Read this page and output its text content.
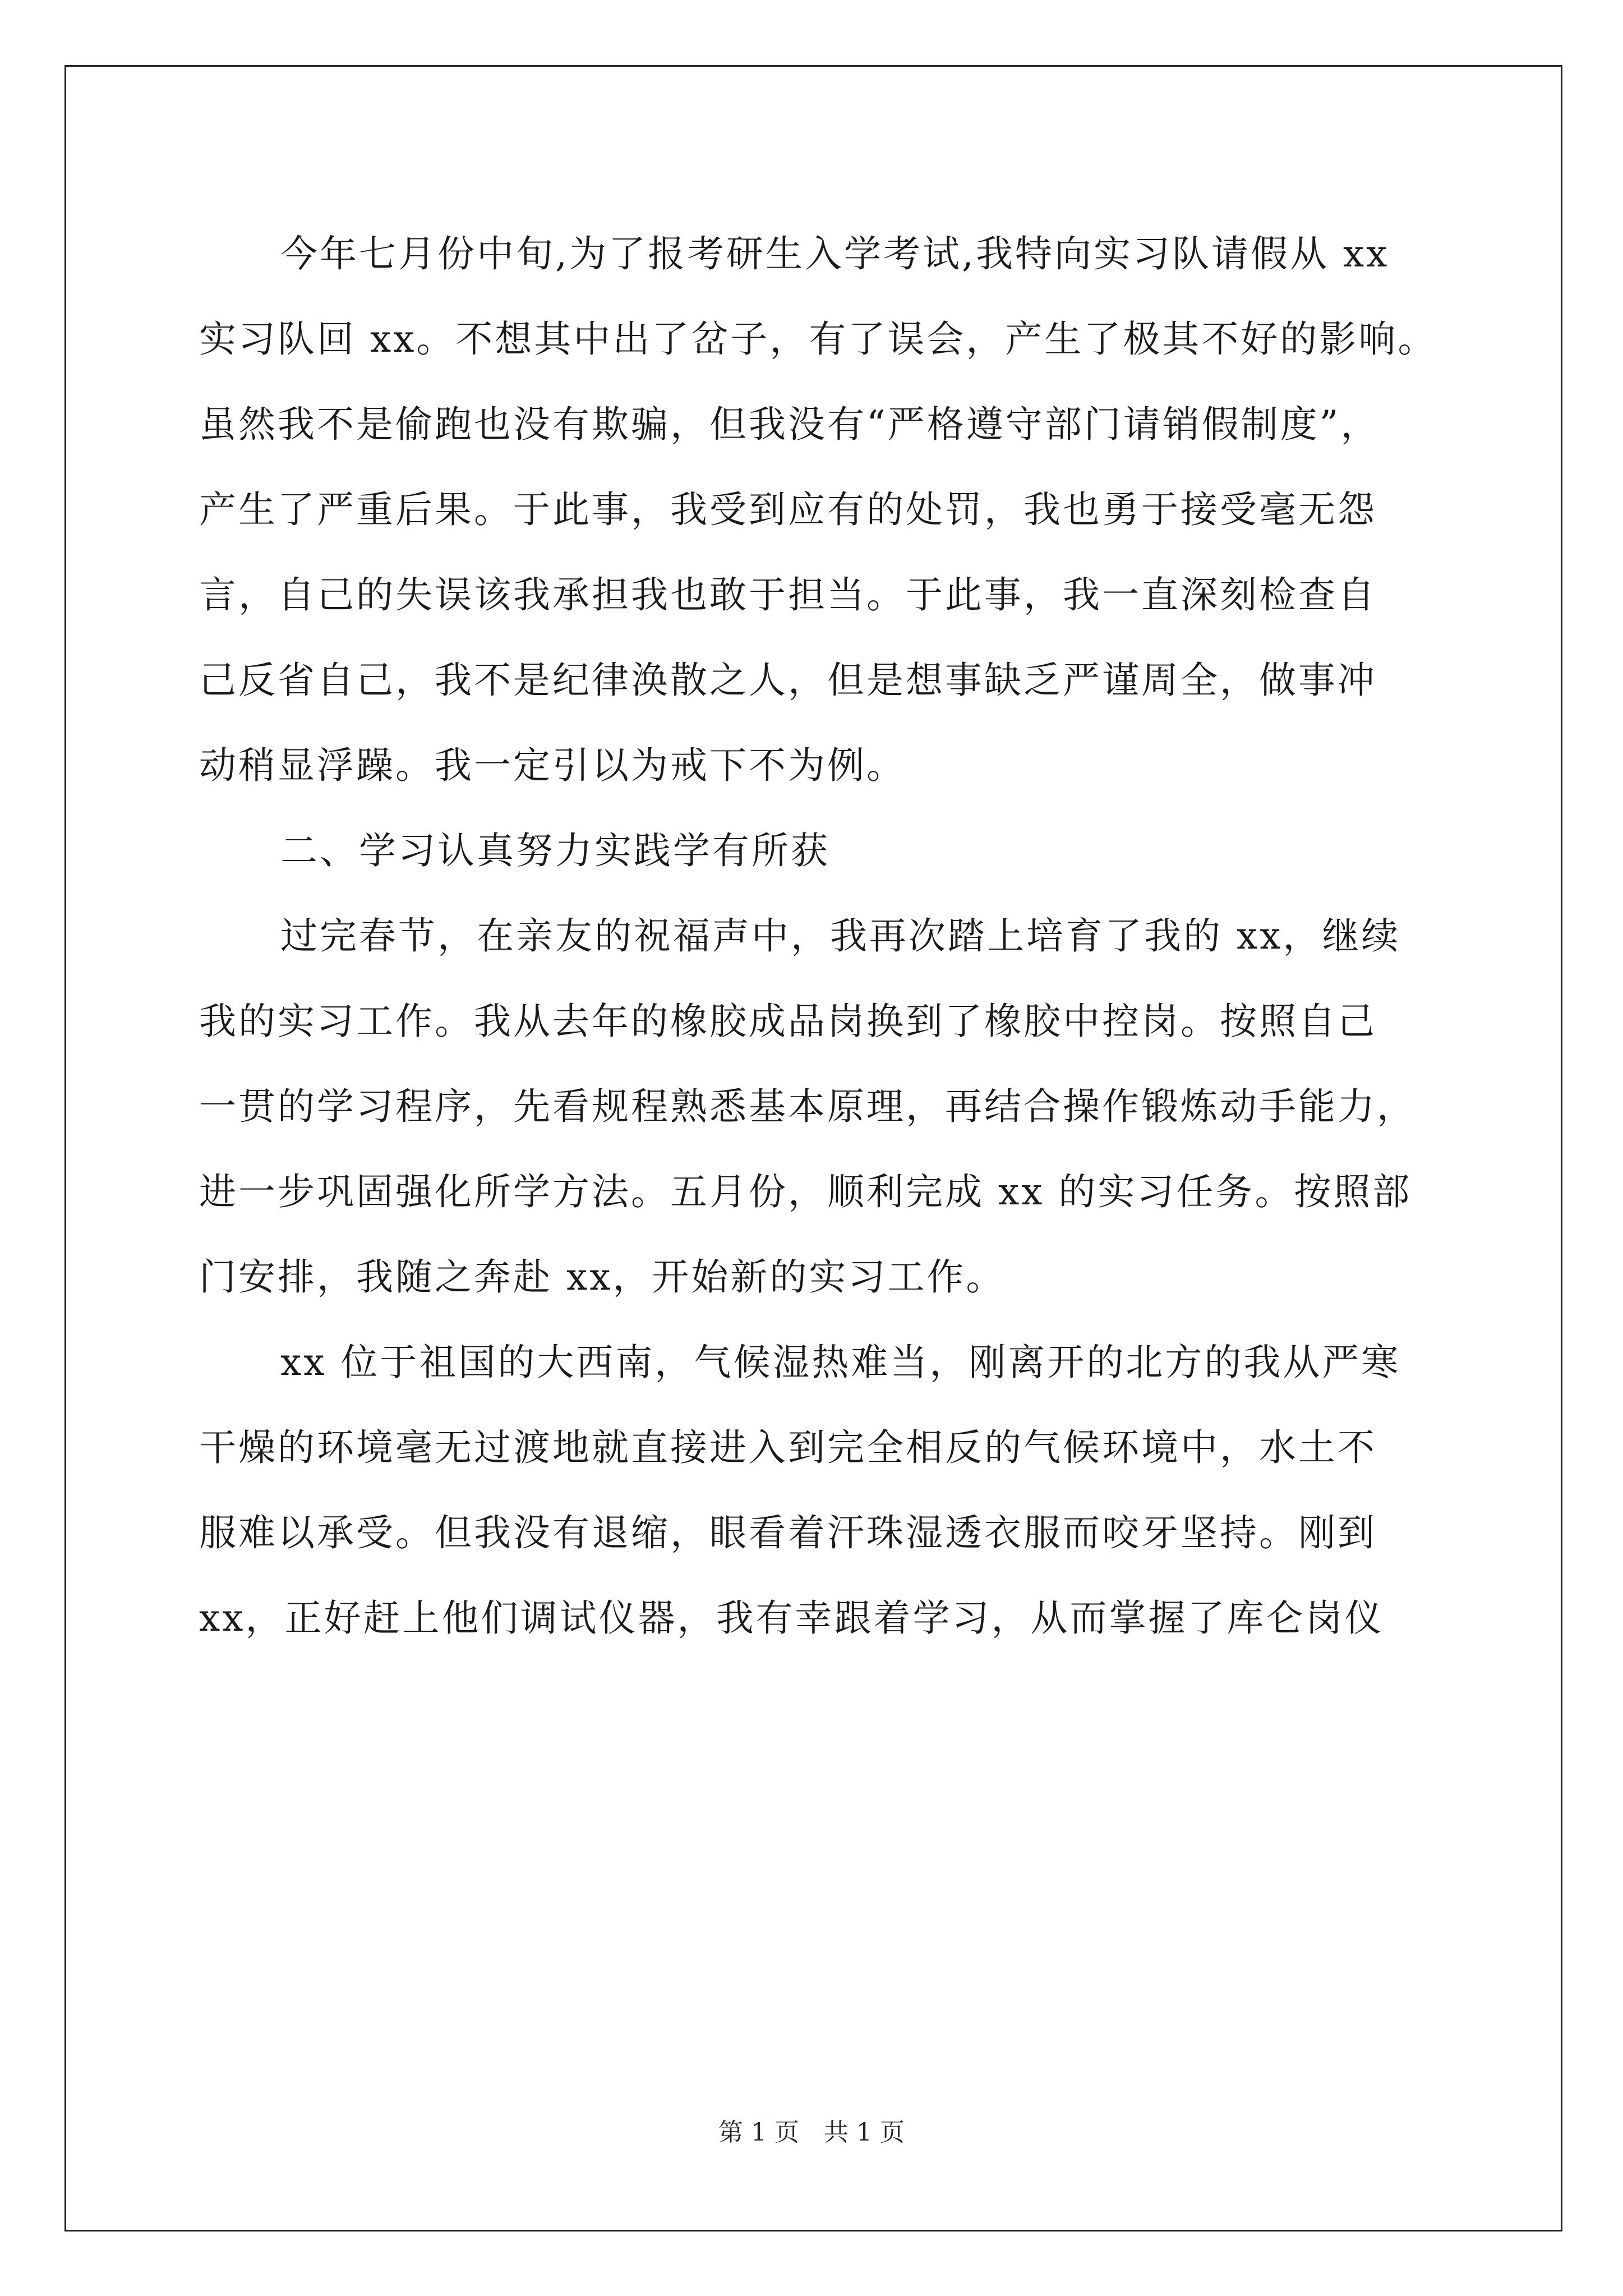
今年七月份中旬,为了报考研生入学考试,我特向实习队请假从 xx
实习队回 xx。不想其中出了岔子，有了误会，产生了极其不好的影响。
虽然我不是偷跑也没有欺骗，但我没有“严格遵守部门请销假制度”，
产生了严重后果。于此事，我受到应有的处罚，我也勇于接受毫无怨
言，自己的失误该我承担我也敢于担当。于此事，我一直深刻检查自
己反省自己，我不是纪律涣散之人，但是想事缺乏严谨周全，做事冲
动稍显浮躁。我一定引以为戒下不为例。
二、学习认真努力实践学有所获
过完春节，在亲友的祝福声中，我再次踏上培育了我的 xx，继续
我的实习工作。我从去年的橡胶成品岗换到了橡胶中控岗。按照自己
一贯的学习程序，先看规程熟悉基本原理，再结合操作锻炼动手能力，
进一步巩固强化所学方法。五月份，顺利完成 xx 的实习任务。按照部
门安排，我随之奔赴 xx，开始新的实习工作。
xx 位于祖国的大西南，气候湿热难当，刚离开的北方的我从严寒
干燥的环境毫无过渡地就直接进入到完全相反的气候环境中，水土不
服难以承受。但我没有退缩，眼看着汗珠湿透衣服而咬牙坚持。刚到
xx，正好赶上他们调试仪器，我有幸跟着学习，从而掌握了库仑岗仪
第 1 页　共 1 页
